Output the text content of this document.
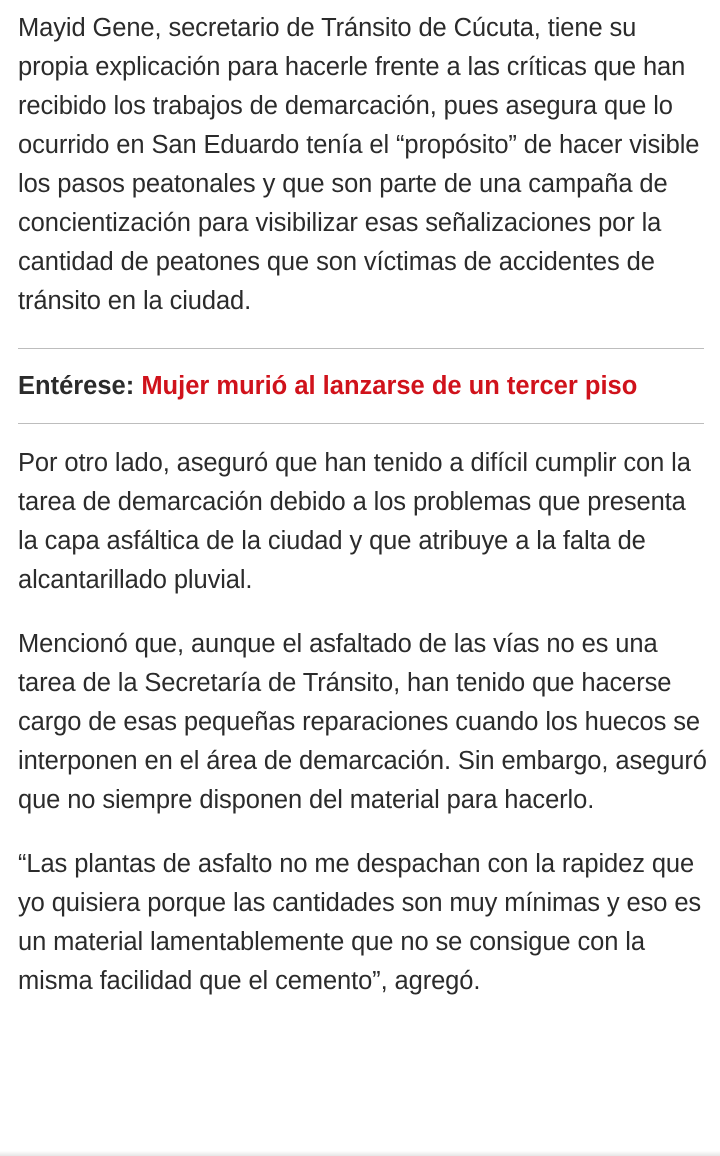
Mayid Gene, secretario de Tránsito de Cúcuta, tiene su propia explicación para hacerle frente a las críticas que han recibido los trabajos de demarcación, pues asegura que lo ocurrido en San Eduardo tenía el “propósito” de hacer visible los pasos peatonales y que son parte de una campaña de concientización para visibilizar esas señalizaciones por la cantidad de peatones que son víctimas de accidentes de tránsito en la ciudad.

Entérese: Mujer murió al lanzarse de un tercer piso

Por otro lado, aseguró que han tenido a difícil cumplir con la tarea de demarcación debido a los problemas que presenta la capa asfáltica de la ciudad y que atribuye a la falta de alcantarillado pluvial.

Mencionó que, aunque el asfaltado de las vías no es una tarea de la Secretaría de Tránsito, han tenido que hacerse cargo de esas pequeñas reparaciones cuando los huecos se interponen en el área de demarcación. Sin embargo, aseguró que no siempre disponen del material para hacerlo.

“Las plantas de asfalto no me despachan con la rapidez que yo quisiera porque las cantidades son muy mínimas y eso es un material lamentablemente que no se consigue con la misma facilidad que el cemento”, agregó.
